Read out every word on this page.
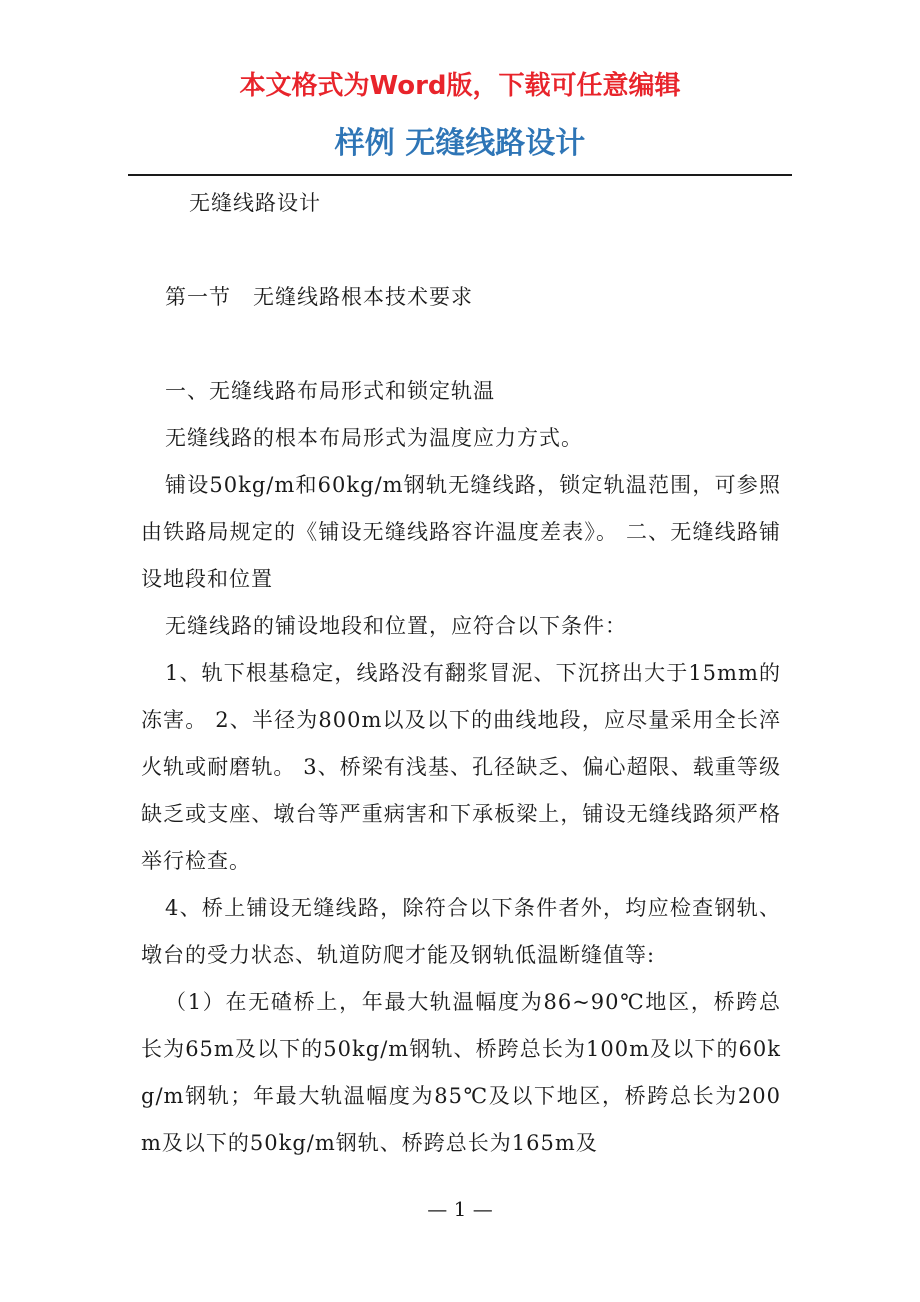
本文格式为Word版，下载可任意编辑
样例 无缝线路设计

无缝线路设计

第一节　无缝线路根本技术要求

一、无缝线路布局形式和锁定轨温

无缝线路的根本布局形式为温度应力方式。

铺设50kg/m和60kg/m钢轨无缝线路，锁定轨温范围，可参照由铁路局规定的《铺设无缝线路容许温度差表》。 二、无缝线路铺设地段和位置

无缝线路的铺设地段和位置，应符合以下条件：

1、轨下根基稳定，线路没有翻浆冒泥、下沉挤出大于15mm的冻害。 2、半径为800m以及以下的曲线地段，应尽量采用全长淬火轨或耐磨轨。 3、桥梁有浅基、孔径缺乏、偏心超限、载重等级缺乏或支座、墩台等严重病害和下承板梁上，铺设无缝线路须严格举行检查。

4、桥上铺设无缝线路，除符合以下条件者外，均应检查钢轨、墩台的受力状态、轨道防爬才能及钢轨低温断缝值等:

（1）在无碴桥上，年最大轨温幅度为86~90℃地区，桥跨总长为65m及以下的50kg/m钢轨、桥跨总长为100m及以下的60kg/m钢轨；年最大轨温幅度为85℃及以下地区，桥跨总长为200m及以下的50kg/m钢轨、桥跨总长为165m及

— 1 —
